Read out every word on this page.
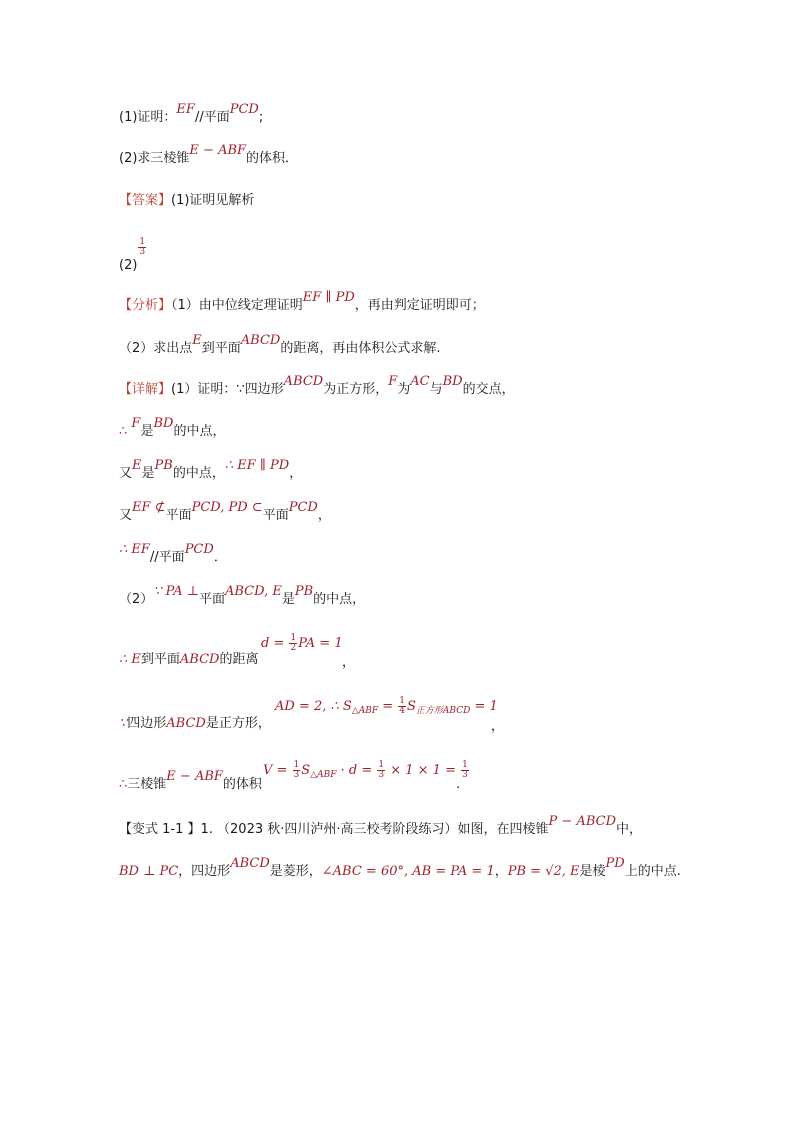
(1)证明：EF//平面PCD;
(2)求三棱锥E − ABF的体积．
【答案】(1)证明见解析
(2)
$\frac{1}{3}$
【分析】（1）由中位线定理证明EF ∥ PD，再由判定证明即可；
（2）求出点E到平面ABCD的距离，再由体积公式求解.
【详解】(1）证明：∵四边形ABCD为正方形，F为AC与BD的交点，
∴ F是BD的中点，
又E是PB的中点，∴ EF ∥ PD，
又EF ⊄平面PCD, PD ⊂平面PCD，
∴ EF//平面PCD．
（2）∵ PA ⊥平面ABCD, E是PB的中点，
∴ E到平面ABCD的距离
$d = \frac{1}{2}$ PA = 1
，
∵四边形ABCD是正方形，
AD = 2, ∴ $S_{\triangle ABF} = \frac{1}{4} S_{正方形ABCD} = 1$
，
∴三棱锥E − ABF的体积
$V = \frac{1}{3} S_{\triangle ABF} \cdot d = \frac{1}{3} \times 1 \times 1 = \frac{1}{3}$
.
【变式 1-1 】1. （2023 秋·四川泸州·高三校考阶段练习）如图，在四棱锥P − ABCD中，
BD ⊥ PC，四边形ABCD是菱形，∠ABC = 60°, AB = PA = 1，PB = √2, E是棱PD上的中点.
